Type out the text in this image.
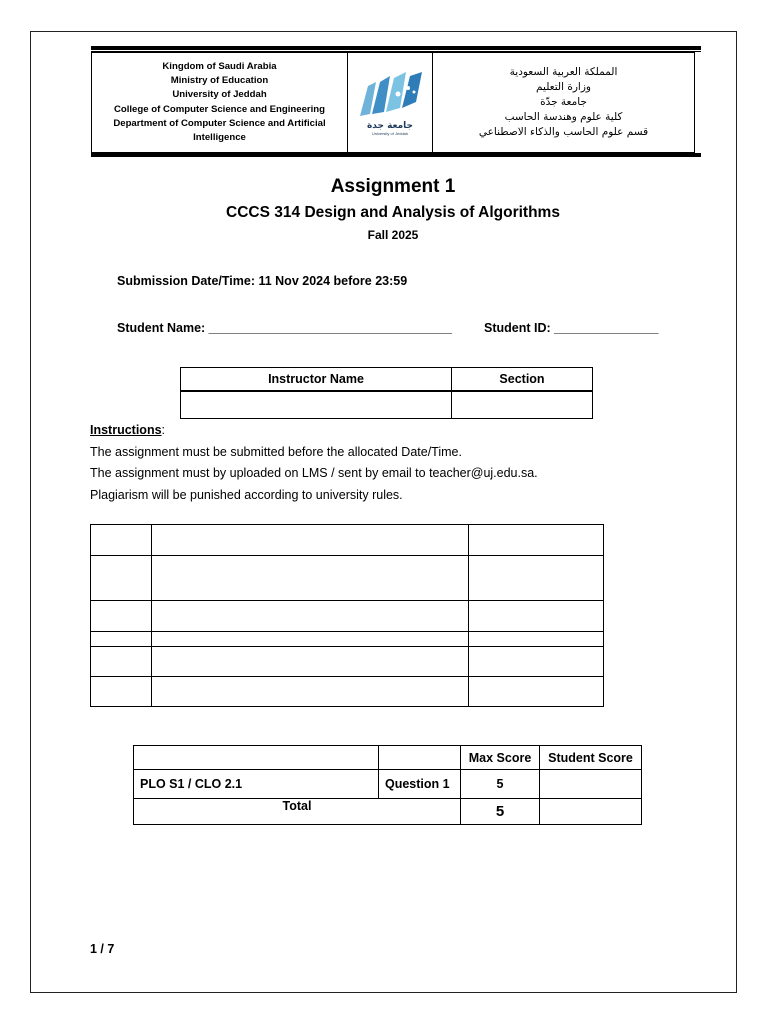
Kingdom of Saudi Arabia
Ministry of Education
University of Jeddah
College of Computer Science and Engineering
Department of Computer Science and Artificial Intelligence
جامعة جدة
University of Jeddah
المملكة العربية السعودية
وزارة التعليم
جامعة جدّة
كلية علوم وهندسة الحاسب
قسم علوم الحاسب والذكاء الاصطناعي
Assignment 1
CCCS 314 Design and Analysis of Algorithms
Fall 2025
Submission Date/Time: 11 Nov 2024 before 23:59
Student Name: ___________________________________	Student ID: _______________
Instructor Name	Section

Instructions:
The assignment must be submitted before the allocated Date/Time.
The assignment must by uploaded on LMS / sent by email to teacher@uj.edu.sa.
Plagiarism will be punished according to university rules.

		Max Score	Student Score
PLO S1 / CLO 2.1	Question 1	5	
Total		5	
1 / 7
